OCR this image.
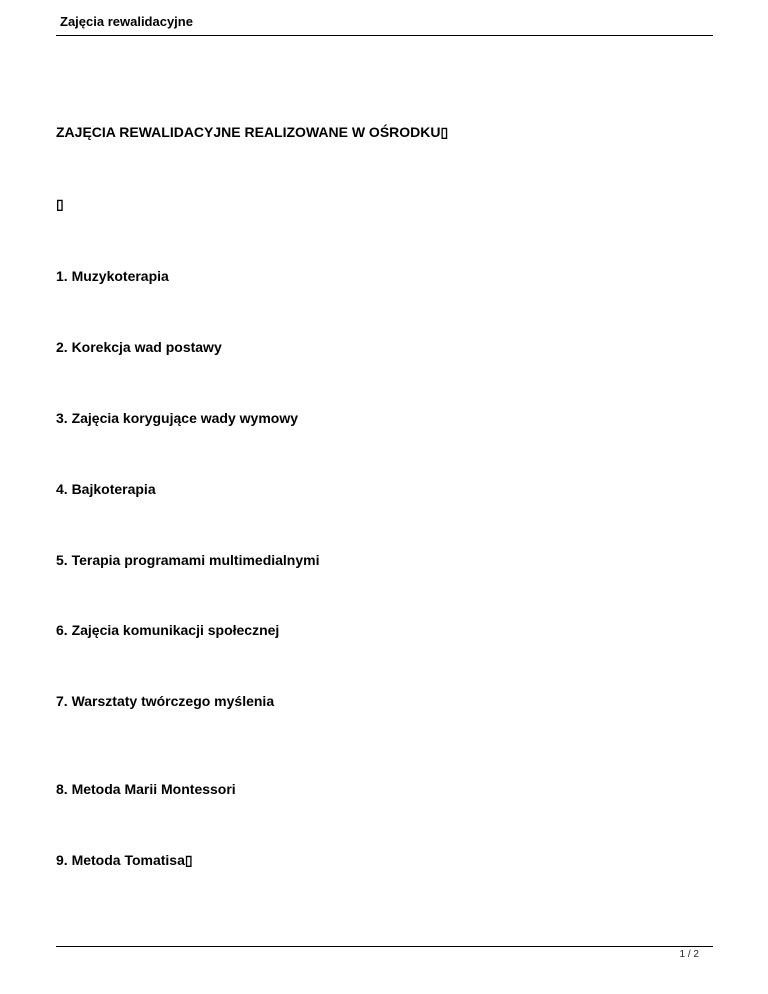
Zajęcia rewalidacyjne
ZAJĘCIA REWALIDACYJNE REALIZOWANE W OŚRODKU▯
▯
1. Muzykoterapia
2. Korekcja wad postawy
3. Zajęcia korygujące wady wymowy
4. Bajkoterapia
5. Terapia programami multimedialnymi
6. Zajęcia komunikacji społecznej
7. Warsztaty twórczego myślenia
8. Metoda Marii Montessori
9. Metoda Tomatisa▯
1 / 2
